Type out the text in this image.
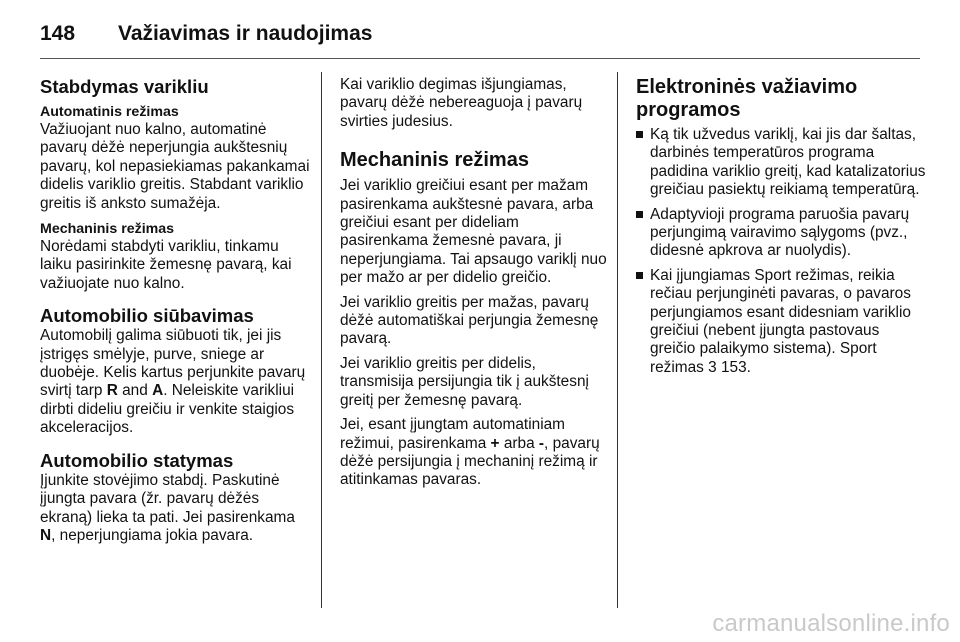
148	Važiavimas ir naudojimas
Stabdymas varikliu
Automatinis režimas

Važiuojant nuo kalno, automatinė pavarų dėžė neperjungia aukštesnių pavarų, kol nepasiekiamas pakankamai didelis variklio greitis. Stabdant variklio greitis iš anksto sumažėja.

Mechaninis režimas

Norėdami stabdyti varikliu, tinkamu laiku pasirinkite žemesnę pavarą, kai važiuojate nuo kalno.

Automobilio siūbavimas

Automobilį galima siūbuoti tik, jei jis įstrigęs smėlyje, purve, sniege ar duobėje. Kelis kartus perjunkite pavarų svirtį tarp R and A. Neleiskite varikliui dirbti dideliu greičiu ir venkite staigios akceleracijos.

Automobilio statymas

Įjunkite stovėjimo stabdį. Paskutinė įjungta pavara (žr. pavarų dėžės ekraną) lieka ta pati. Jei pasirenkama N, neperjungiama jokia pavara.

Kai variklio degimas išjungiamas, pavarų dėžė nebereaguoja į pavarų svirties judesius.

Mechaninis režimas

Jei variklio greičiui esant per mažam pasirenkama aukštesnė pavara, arba greičiui esant per dideliam pasirenkama žemesnė pavara, ji neperjungiama. Tai apsaugo variklį nuo per mažo ar per didelio greičio.

Jei variklio greitis per mažas, pavarų dėžė automatiškai perjungia žemesnę pavarą.

Jei variklio greitis per didelis, transmisija persijungia tik į aukštesnį greitį per žemesnę pavarą.

Jei, esant įjungtam automatiniam režimui, pasirenkama + arba -, pavarų dėžė persijungia į mechaninį režimą ir atitinkamas pavaras.

Elektroninės važiavimo programos
Ką tik užvedus variklį, kai jis dar šaltas, darbinės temperatūros programa padidina variklio greitį, kad katalizatorius greičiau pasiektų reikiamą temperatūrą.
Adaptyvioji programa paruošia pavarų perjungimą vairavimo sąlygoms (pvz., didesnė apkrova ar nuolydis).
Kai įjungiamas Sport režimas, reikia rečiau perjunginėti pavaras, o pavaros perjungiamos esant didesniam variklio greičiui (nebent įjungta pastovaus greičio palaikymo sistema). Sport režimas 3 153.
carmanualsonline.info
